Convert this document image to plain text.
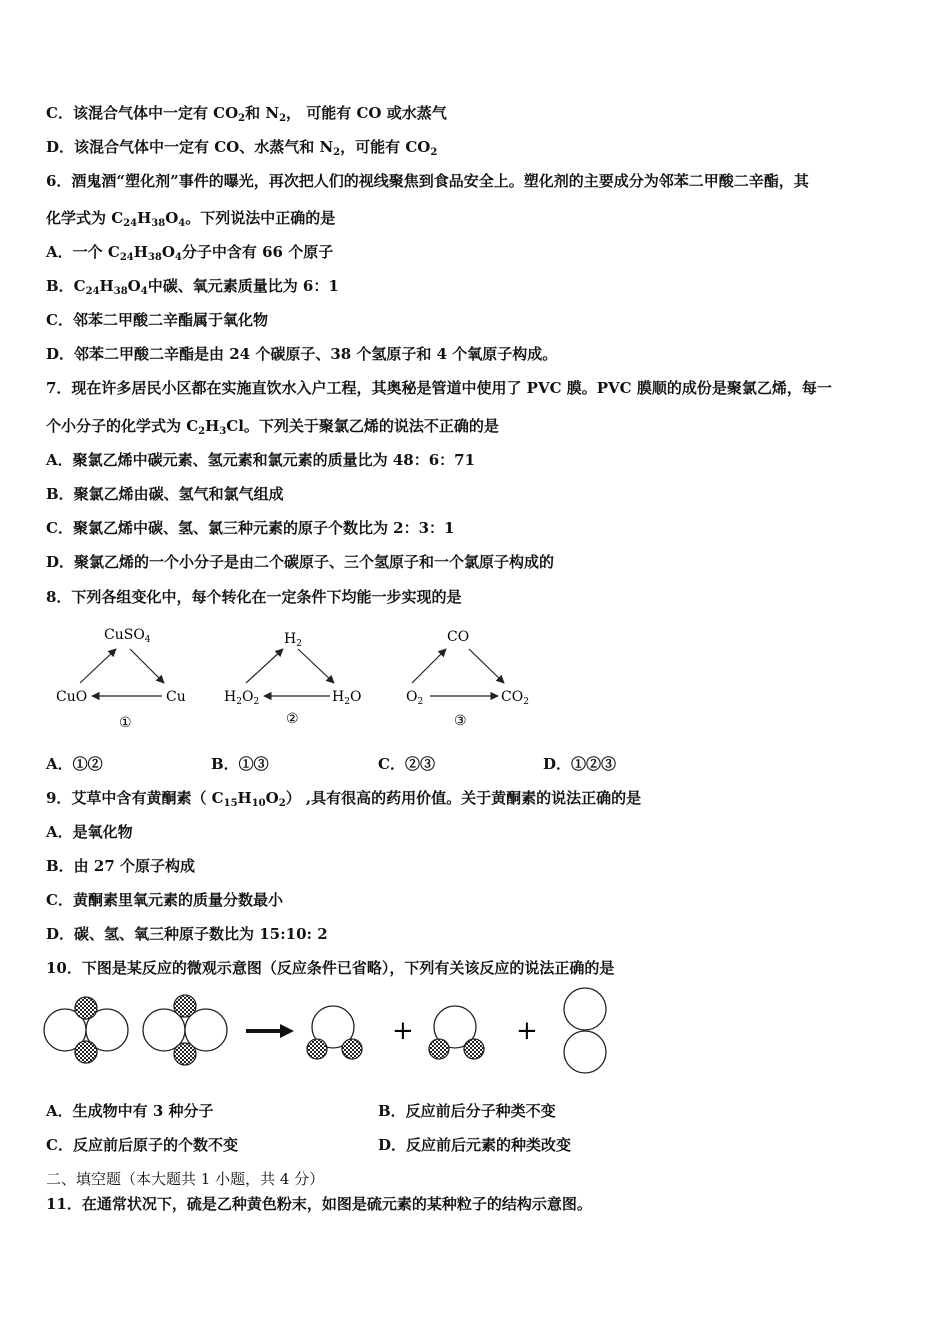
C．该混合气体中一定有 $CO_2$和 $N_2$， 可能有 CO 或水蒸气
D．该混合气体中一定有 CO、水蒸气和 $N_2$，可能有 $CO_2$
6．酒鬼酒“塑化剂”事件的曝光，再次把人们的视线聚焦到食品安全上。塑化剂的主要成分为邻苯二甲酸二辛酯，其
化学式为 $C_{24}H_{38}O_4$。下列说法中正确的是
A．一个 $C_{24}H_{38}O_4$分子中含有 66 个原子
B．$C_{24}H_{38}O_4$中碳、氧元素质量比为 6：1
C．邻苯二甲酸二辛酯属于氧化物
D．邻苯二甲酸二辛酯是由 24 个碳原子、38 个氢原子和 4 个氧原子构成。
7．现在许多居民小区都在实施直饮水入户工程，其奥秘是管道中使用了 PVC 膜。PVC 膜顺的成份是聚氯乙烯，每一
个小分子的化学式为 $C_2H_3Cl$。下列关于聚氯乙烯的说法不正确的是
A．聚氯乙烯中碳元素、氢元素和氯元素的质量比为 48：6：71
B．聚氯乙烯由碳、氢气和氯气组成
C．聚氯乙烯中碳、氢、氯三种元素的原子个数比为 2：3：1
D．聚氯乙烯的一个小分子是由二个碳原子、三个氢原子和一个氯原子构成的
8．下列各组变化中，每个转化在一定条件下均能一步实现的是
CuSO$_4$
CuO	Cu
①
$H_2$
$H_2O_2$	$H_2O$
②
CO
$O_2$	$CO_2$
③
A．①②	B．①③	C．②③	D．①②③
9．艾草中含有黄酮素（ $C_{15}H_{10}O_2$） ,具有很高的药用价值。关于黄酮素的说法正确的是
A．是氧化物
B．由 27 个原子构成
C．黄酮素里氧元素的质量分数最小
D．碳、氢、氧三种原子数比为 15:10: 2
10．下图是某反应的微观示意图（反应条件已省略），下列有关该反应的说法正确的是
+	+
A．生成物中有 3 种分子	B．反应前后分子种类不变
C．反应前后原子的个数不变	D．反应前后元素的种类改变
二、填空题（本大题共 1 小题，共 4 分）
11．在通常状况下，硫是乙种黄色粉末，如图是硫元素的某种粒子的结构示意图。
